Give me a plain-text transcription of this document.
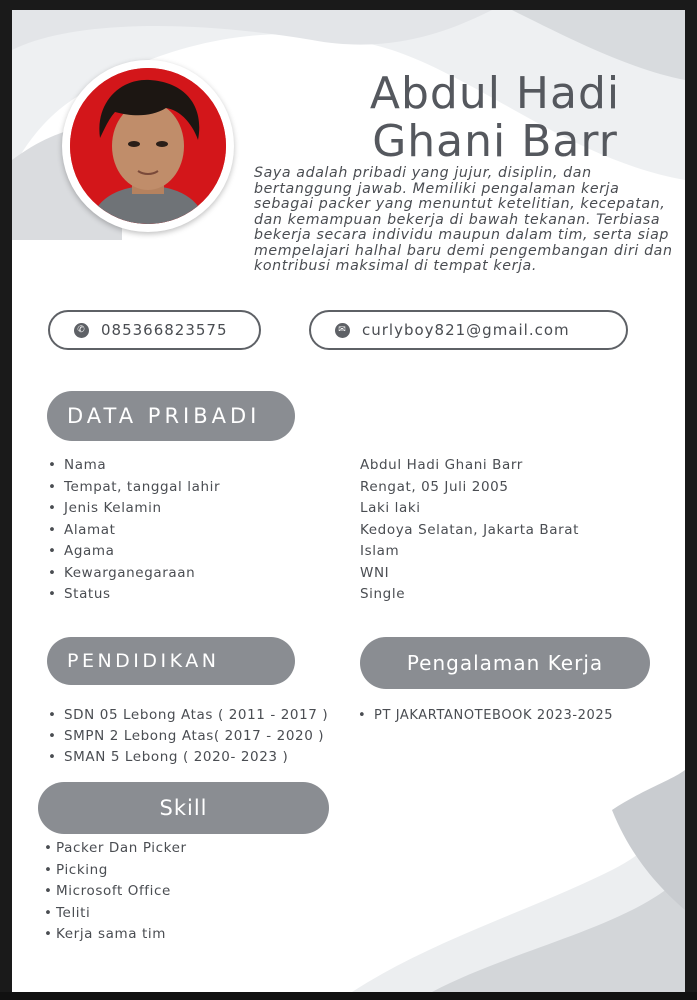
Abdul Hadi
Ghani Barr

Saya adalah pribadi yang jujur, disiplin, dan bertanggung jawab. Memiliki pengalaman kerja sebagai packer yang menuntut ketelitian, kecepatan, dan kemampuan bekerja di bawah tekanan. Terbiasa bekerja secara individu maupun dalam tim, serta siap mempelajari halhal baru demi pengembangan diri dan kontribusi maksimal di tempat kerja.

✆ 085366823575	✉ curlyboy821@gmail.com
DATA PRIBADI
• Nama
• Tempat, tanggal lahir
• Jenis Kelamin
• Alamat
• Agama
• Kewarganegaraan
• Status
Abdul Hadi Ghani Barr
Rengat, 05 Juli 2005
Laki laki
Kedoya Selatan, Jakarta Barat
Islam
WNI
Single
PENDIDIKAN
• SDN 05 Lebong Atas ( 2011 - 2017 )
• SMPN 2 Lebong Atas( 2017 - 2020 )
• SMAN 5 Lebong ( 2020- 2023 )
Pengalaman Kerja
• PT JAKARTANOTEBOOK 2023-2025
Skill
• Packer Dan Picker
• Picking
• Microsoft Office
• Teliti
• Kerja sama tim
